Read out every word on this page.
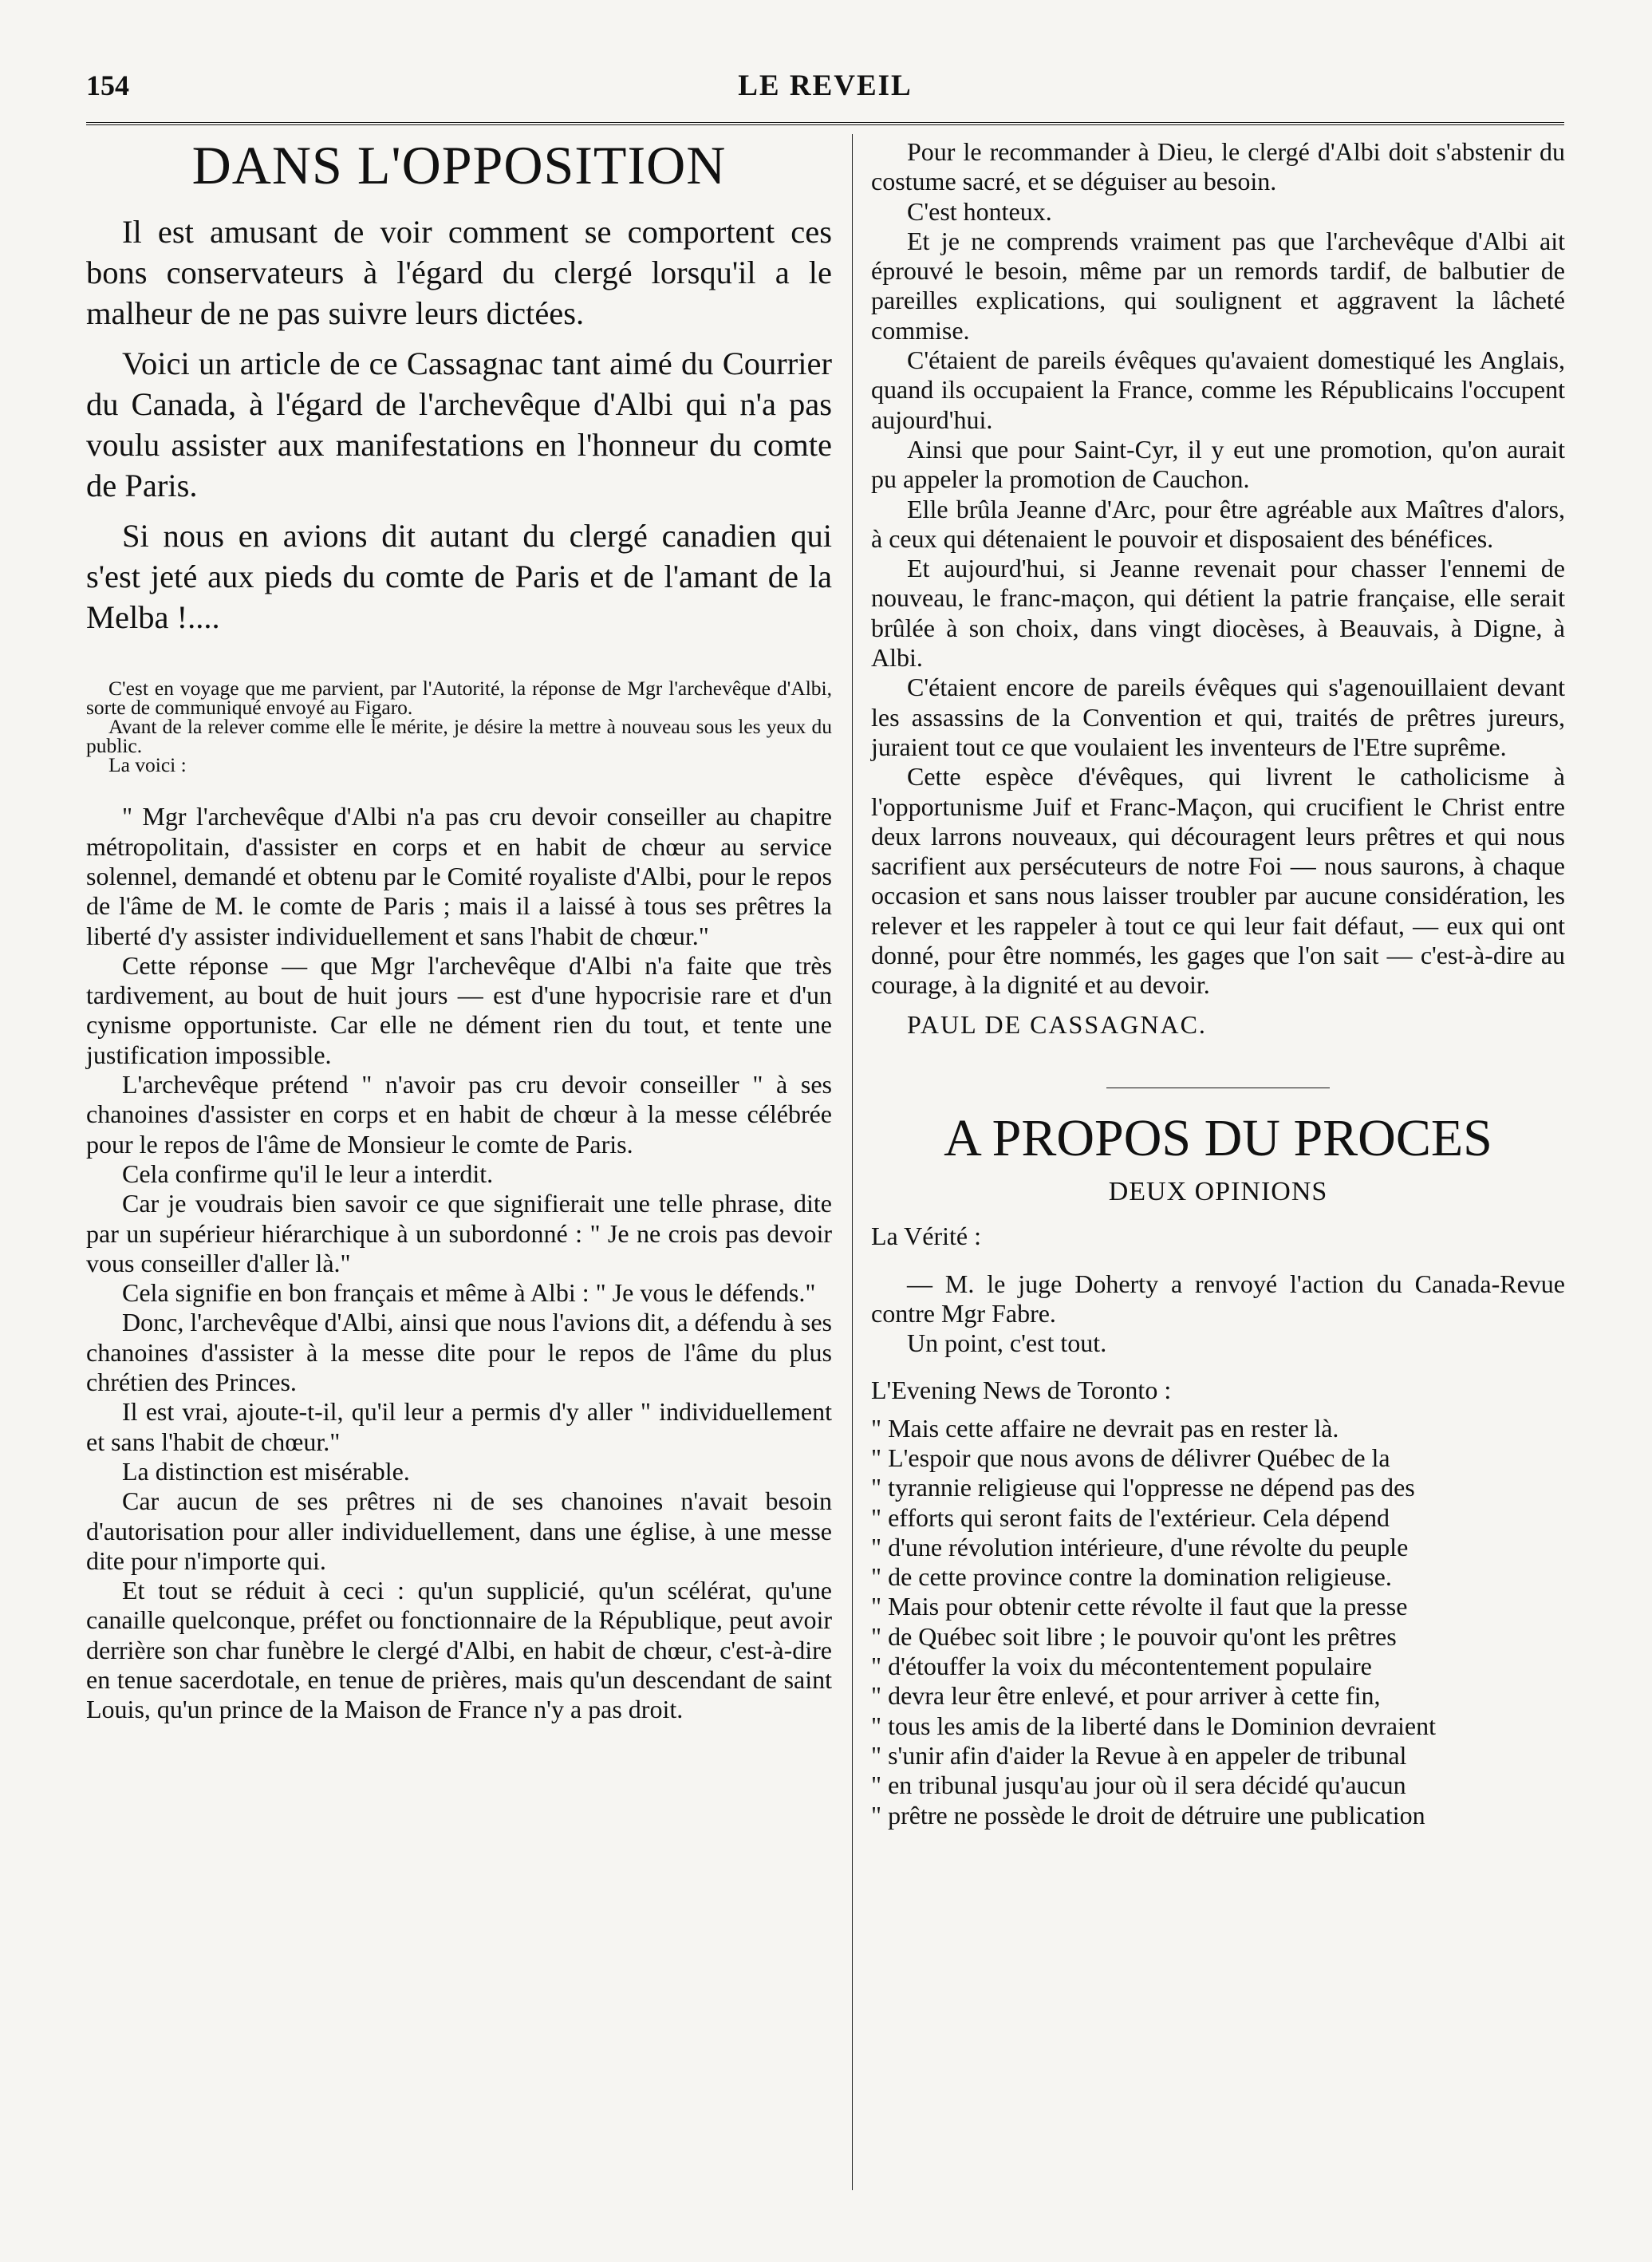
154	LE REVEIL
DANS L'OPPOSITION

Il est amusant de voir comment se comportent ces bons conservateurs à l'égard du clergé lorsqu'il a le malheur de ne pas suivre leurs dictées.

Voici un article de ce Cassagnac tant aimé du Courrier du Canada, à l'égard de l'archevêque d'Albi qui n'a pas voulu assister aux manifestations en l'honneur du comte de Paris.

Si nous en avions dit autant du clergé canadien qui s'est jeté aux pieds du comte de Paris et de l'amant de la Melba !....

C'est en voyage que me parvient, par l'Autorité, la réponse de Mgr l'archevêque d'Albi, sorte de communiqué envoyé au Figaro.

Avant de la relever comme elle le mérite, je désire la mettre à nouveau sous les yeux du public.

La voici :

" Mgr l'archevêque d'Albi n'a pas cru devoir conseiller au chapitre métropolitain, d'assister en corps et en habit de chœur au service solennel, demandé et obtenu par le Comité royaliste d'Albi, pour le repos de l'âme de M. le comte de Paris ; mais il a laissé à tous ses prêtres la liberté d'y assister individuellement et sans l'habit de chœur."

Cette réponse — que Mgr l'archevêque d'Albi n'a faite que très tardivement, au bout de huit jours — est d'une hypocrisie rare et d'un cynisme opportuniste. Car elle ne dément rien du tout, et tente une justification impossible.

L'archevêque prétend " n'avoir pas cru devoir conseiller " à ses chanoines d'assister en corps et en habit de chœur à la messe célébrée pour le repos de l'âme de Monsieur le comte de Paris.

Cela confirme qu'il le leur a interdit.

Car je voudrais bien savoir ce que signifierait une telle phrase, dite par un supérieur hiérarchique à un subordonné : " Je ne crois pas devoir vous conseiller d'aller là."

Cela signifie en bon français et même à Albi : " Je vous le défends."

Donc, l'archevêque d'Albi, ainsi que nous l'avions dit, a défendu à ses chanoines d'assister à la messe dite pour le repos de l'âme du plus chrétien des Princes.

Il est vrai, ajoute-t-il, qu'il leur a permis d'y aller " individuellement et sans l'habit de chœur."

La distinction est misérable.

Car aucun de ses prêtres ni de ses chanoines n'avait besoin d'autorisation pour aller individuellement, dans une église, à une messe dite pour n'importe qui.

Et tout se réduit à ceci : qu'un supplicié, qu'un scélérat, qu'une canaille quelconque, préfet ou fonctionnaire de la République, peut avoir derrière son char funèbre le clergé d'Albi, en habit de chœur, c'est-à-dire en tenue sacerdotale, en tenue de prières, mais qu'un descendant de saint Louis, qu'un prince de la Maison de France n'y a pas droit.

Pour le recommander à Dieu, le clergé d'Albi doit s'abstenir du costume sacré, et se déguiser au besoin.

C'est honteux.

Et je ne comprends vraiment pas que l'archevêque d'Albi ait éprouvé le besoin, même par un remords tardif, de balbutier de pareilles explications, qui soulignent et aggravent la lâcheté commise.

C'étaient de pareils évêques qu'avaient domestiqué les Anglais, quand ils occupaient la France, comme les Républicains l'occupent aujourd'hui.

Ainsi que pour Saint-Cyr, il y eut une promotion, qu'on aurait pu appeler la promotion de Cauchon.

Elle brûla Jeanne d'Arc, pour être agréable aux Maîtres d'alors, à ceux qui détenaient le pouvoir et disposaient des bénéfices.

Et aujourd'hui, si Jeanne revenait pour chasser l'ennemi de nouveau, le franc-maçon, qui détient la patrie française, elle serait brûlée à son choix, dans vingt diocèses, à Beauvais, à Digne, à Albi.

C'étaient encore de pareils évêques qui s'agenouillaient devant les assassins de la Convention et qui, traités de prêtres jureurs, juraient tout ce que voulaient les inventeurs de l'Etre suprême.

Cette espèce d'évêques, qui livrent le catholicisme à l'opportunisme Juif et Franc-Maçon, qui crucifient le Christ entre deux larrons nouveaux, qui découragent leurs prêtres et qui nous sacrifient aux persécuteurs de notre Foi — nous saurons, à chaque occasion et sans nous laisser troubler par aucune considération, les relever et les rappeler à tout ce qui leur fait défaut, — eux qui ont donné, pour être nommés, les gages que l'on sait — c'est-à-dire au courage, à la dignité et au devoir.

PAUL DE CASSAGNAC.

A PROPOS DU PROCES
DEUX OPINIONS

La Vérité :

— M. le juge Doherty a renvoyé l'action du Canada-Revue contre Mgr Fabre.

Un point, c'est tout.

L'Evening News de Toronto :

" Mais cette affaire ne devrait pas en rester là.

" L'espoir que nous avons de délivrer Québec de la

" tyrannie religieuse qui l'oppresse ne dépend pas des

" efforts qui seront faits de l'extérieur. Cela dépend

" d'une révolution intérieure, d'une révolte du peuple

" de cette province contre la domination religieuse.

" Mais pour obtenir cette révolte il faut que la presse

" de Québec soit libre ; le pouvoir qu'ont les prêtres

" d'étouffer la voix du mécontentement populaire

" devra leur être enlevé, et pour arriver à cette fin,

" tous les amis de la liberté dans le Dominion devraient

" s'unir afin d'aider la Revue à en appeler de tribunal

" en tribunal jusqu'au jour où il sera décidé qu'aucun

" prêtre ne possède le droit de détruire une publication
